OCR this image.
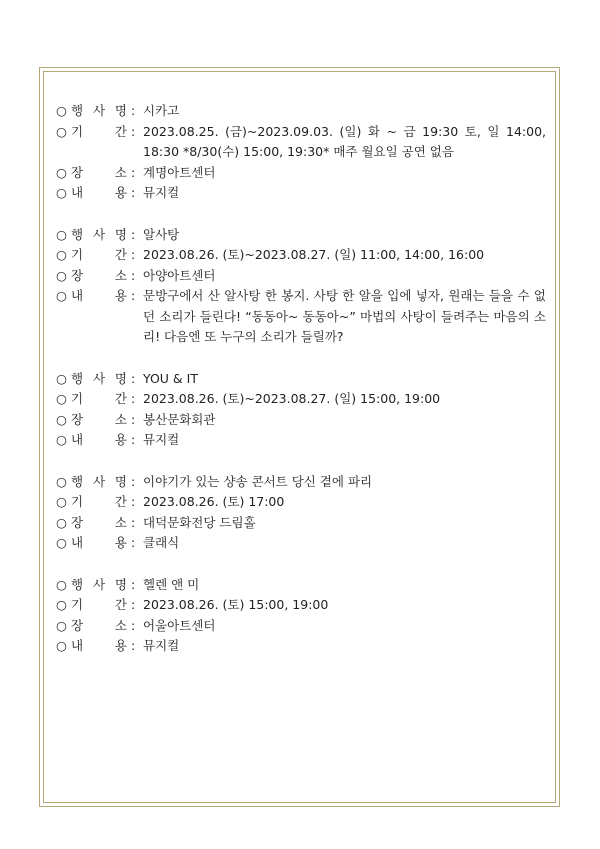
○ 행 사 명 : 시카고
○ 기	간 : 2023.08.25. (금)~2023.09.03. (일) 화 ~ 금 19:30 토, 일 14:00, 18:30 *8/30(수) 15:00, 19:30* 매주 월요일 공연 없음
○ 장	소 : 계명아트센터
○ 내	용 : 뮤지컬
○ 행 사 명 : 알사탕
○ 기	간 : 2023.08.26. (토)~2023.08.27. (일) 11:00, 14:00, 16:00
○ 장	소 : 아양아트센터
○ 내	용 : 문방구에서 산 알사탕 한 봉지. 사탕 한 알을 입에 넣자, 원래는 들을 수 없던 소리가 들린다! “동동아~ 동동아~” 마법의 사탕이 들려주는 마음의 소리! 다음엔 또 누구의 소리가 들릴까?
○ 행 사 명 : YOU & IT
○ 기	간 : 2023.08.26. (토)~2023.08.27. (일) 15:00, 19:00
○ 장	소 : 봉산문화회관
○ 내	용 : 뮤지컬
○ 행 사 명 : 이야기가 있는 샹송 콘서트 당신 곁에 파리
○ 기	간 : 2023.08.26. (토) 17:00
○ 장	소 : 대덕문화전당 드림홀
○ 내	용 : 클래식
○ 행 사 명 : 헬렌 앤 미
○ 기	간 : 2023.08.26. (토) 15:00, 19:00
○ 장	소 : 어울아트센터
○ 내	용 : 뮤지컬
